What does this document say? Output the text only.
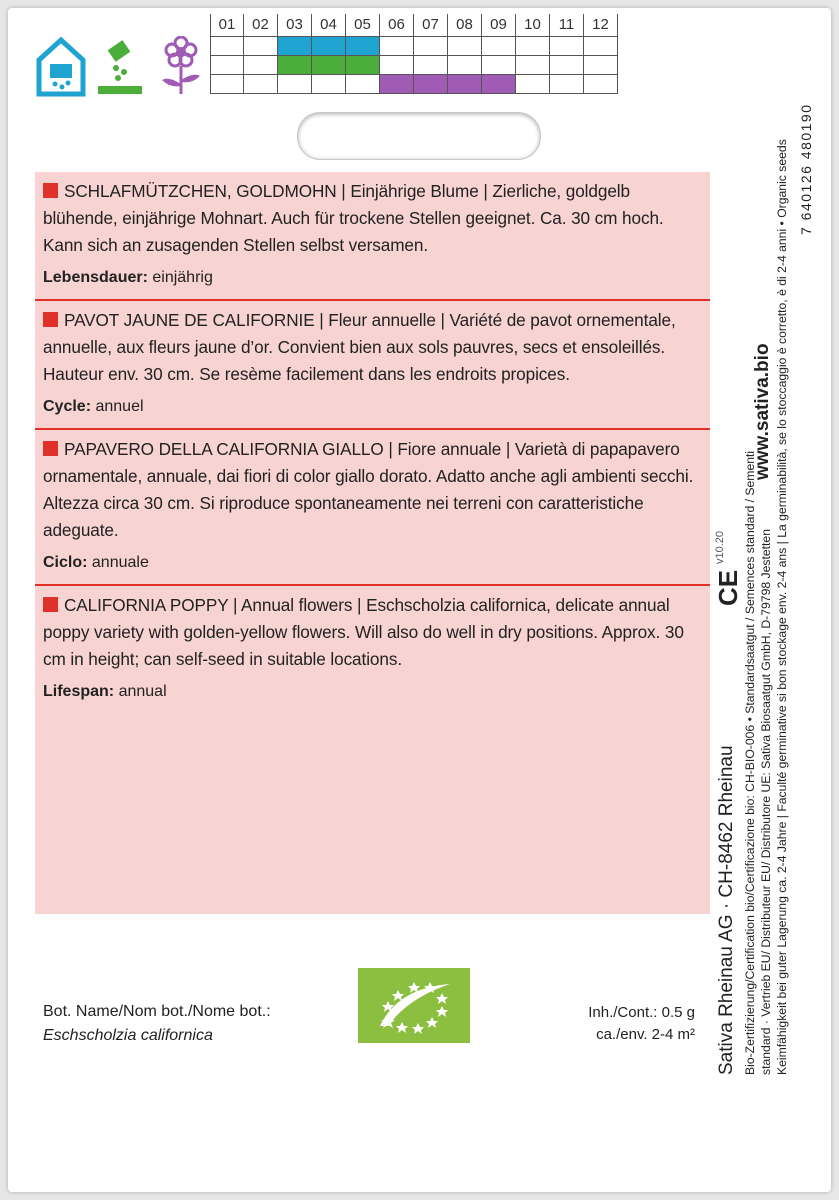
01	02	03	04	05	06	07	08	09	10	11	12

SCHLAFMÜTZCHEN, GOLDMOHN | Einjährige Blume | Zierliche, goldgelb blühende, einjährige Mohnart. Auch für trockene Stellen geeignet. Ca. 30 cm hoch. Kann sich an zusagenden Stellen selbst versamen.

Lebensdauer: einjährig

PAVOT JAUNE DE CALIFORNIE | Fleur annuelle | Variété de pavot ornementale, annuelle, aux fleurs jaune d’or. Convient bien aux sols pauvres, secs et ensoleillés. Hauteur env. 30 cm. Se resème facilement dans les endroits propices.

Cycle: annuel

PAPAVERO DELLA CALIFORNIA GIALLO | Fiore annuale | Varietà di papapavero ornamentale, annuale, dai fiori di color giallo dorato. Adatto anche agli ambienti secchi. Altezza circa 30 cm. Si riproduce spontaneamente nei terreni con caratteristiche adeguate.

Ciclo: annuale

CALIFORNIA POPPY | Annual flowers | Eschscholzia californica, delicate annual poppy variety with golden-yellow flowers. Will also do well in dry positions. Approx. 30 cm in height; can self-seed in suitable locations.

Lifespan: annual

Bot. Name/Nom bot./Nome bot.:
Eschscholzia californica
Inh./Cont.: 0.5 g
ca./env. 2-4 m² Sativa Rheinau AG · CH-8462 Rheinau Bio-Zertifizierung/Certification bio/Certificazione bio: CH-BIO-006 • Standardsaatgut / Semences standard / Sementi standard · Vertrieb EU/ Distributeur EU/ Distributore UE: Sativa Biosaatgut GmbH, D-79798 Jestetten Keimfähigkeit bei guter Lagerung ca. 2-4 Jahre | Faculté germinative si bon stockage env. 2-4 ans | La germinabilità, se lo stoccaggio è corretto, è di 2-4 anni • Organic seeds
www.sativa.bio
v10.20
CE
7 640126 480190
